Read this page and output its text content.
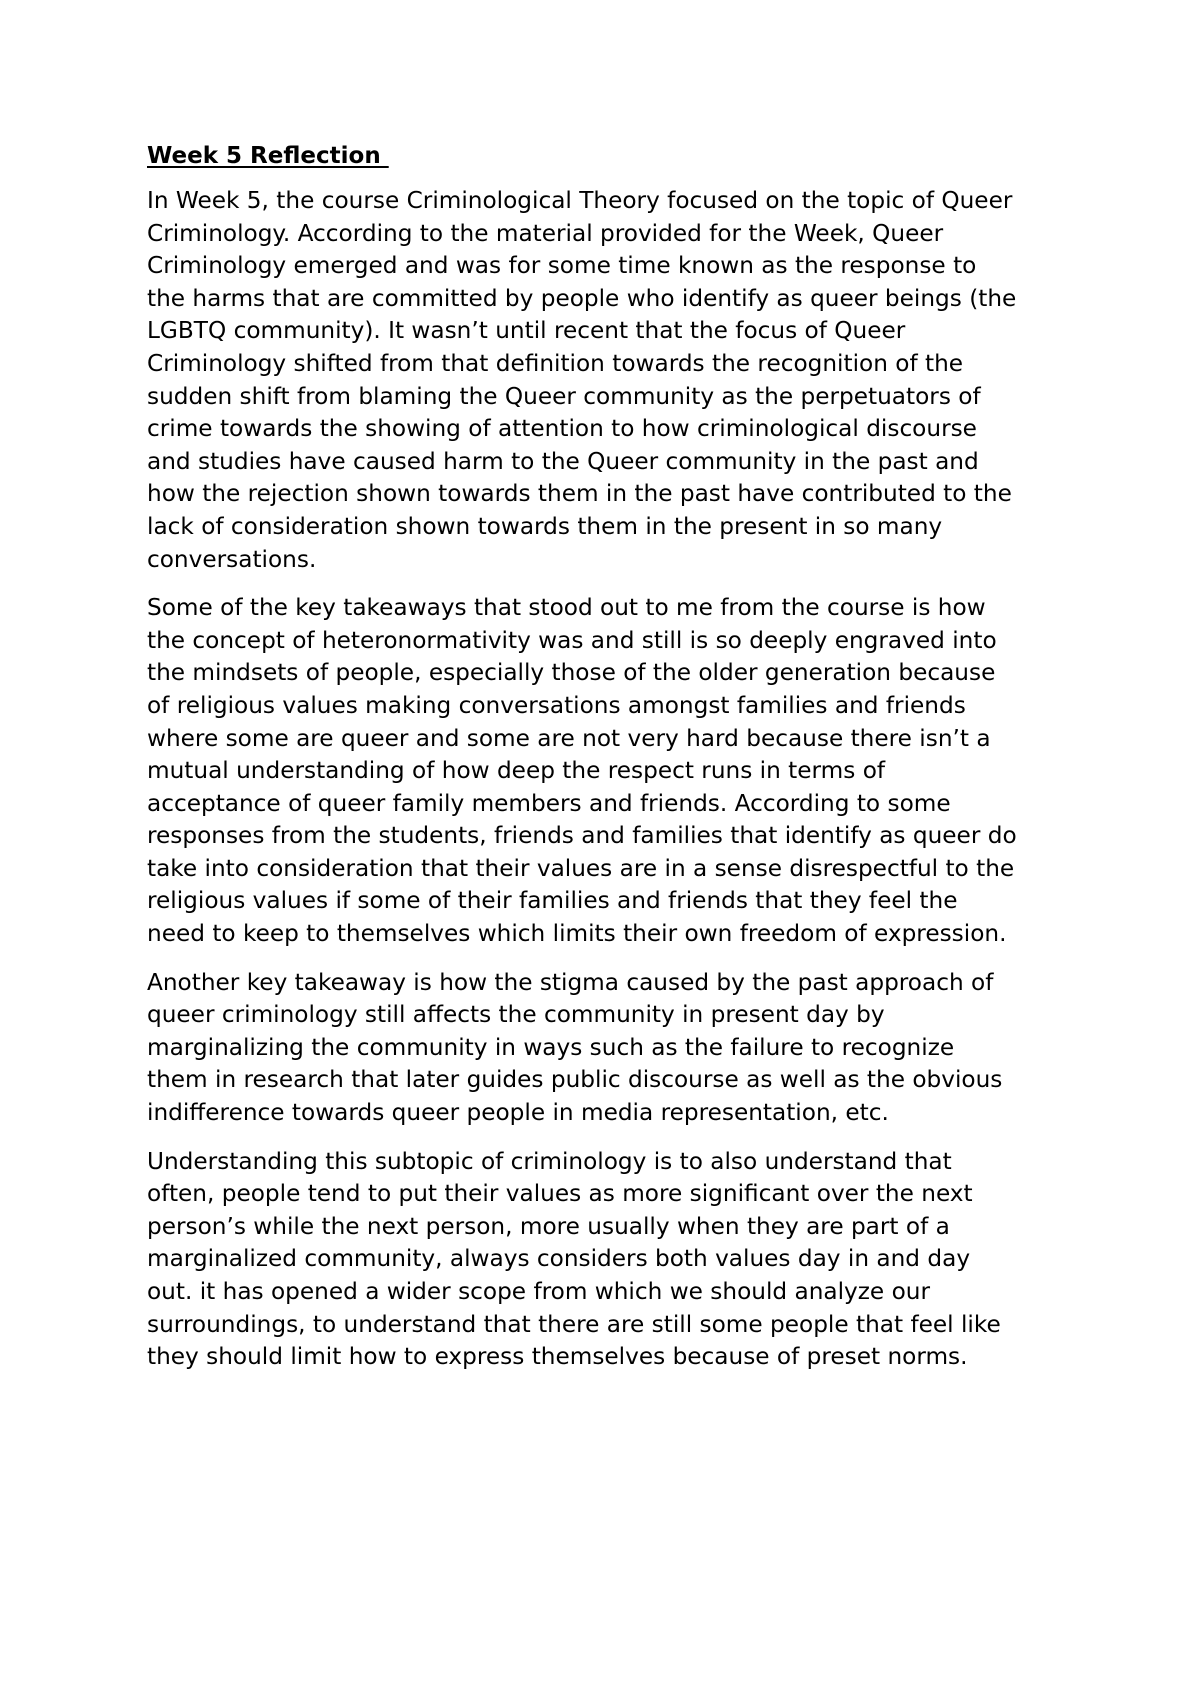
Week 5 Reflection
In Week 5, the course Criminological Theory focused on the topic of Queer
Criminology. According to the material provided for the Week, Queer
Criminology emerged and was for some time known as the response to
the harms that are committed by people who identify as queer beings (the
LGBTQ community). It wasn’t until recent that the focus of Queer
Criminology shifted from that definition towards the recognition of the
sudden shift from blaming the Queer community as the perpetuators of
crime towards the showing of attention to how criminological discourse
and studies have caused harm to the Queer community in the past and
how the rejection shown towards them in the past have contributed to the
lack of consideration shown towards them in the present in so many
conversations.
Some of the key takeaways that stood out to me from the course is how
the concept of heteronormativity was and still is so deeply engraved into
the mindsets of people, especially those of the older generation because
of religious values making conversations amongst families and friends
where some are queer and some are not very hard because there isn’t a
mutual understanding of how deep the respect runs in terms of
acceptance of queer family members and friends. According to some
responses from the students, friends and families that identify as queer do
take into consideration that their values are in a sense disrespectful to the
religious values if some of their families and friends that they feel the
need to keep to themselves which limits their own freedom of expression.
Another key takeaway is how the stigma caused by the past approach of
queer criminology still affects the community in present day by
marginalizing the community in ways such as the failure to recognize
them in research that later guides public discourse as well as the obvious
indifference towards queer people in media representation, etc.
Understanding this subtopic of criminology is to also understand that
often, people tend to put their values as more significant over the next
person’s while the next person, more usually when they are part of a
marginalized community, always considers both values day in and day
out. it has opened a wider scope from which we should analyze our
surroundings, to understand that there are still some people that feel like
they should limit how to express themselves because of preset norms.
